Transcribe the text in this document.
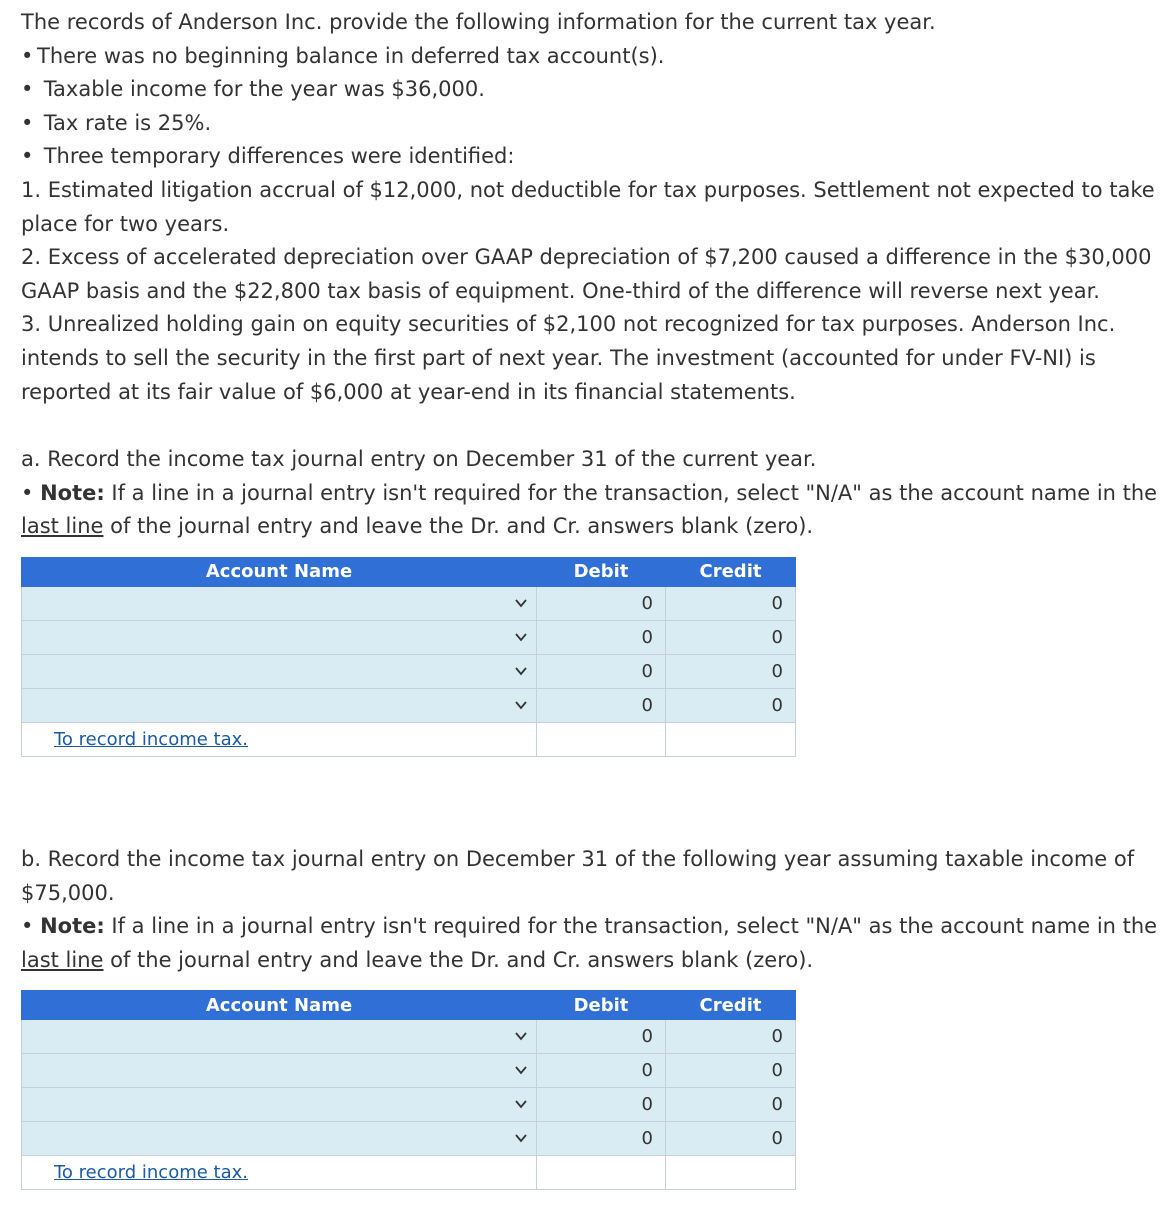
The records of Anderson Inc. provide the following information for the current tax year.

• There was no beginning balance in deferred tax account(s).

• Taxable income for the year was $36,000.

• Tax rate is 25%.

• Three temporary differences were identified:

1. Estimated litigation accrual of $12,000, not deductible for tax purposes. Settlement not expected to take

place for two years.

2. Excess of accelerated depreciation over GAAP depreciation of $7,200 caused a difference in the $30,000

GAAP basis and the $22,800 tax basis of equipment. One-third of the difference will reverse next year.

3. Unrealized holding gain on equity securities of $2,100 not recognized for tax purposes. Anderson Inc.

intends to sell the security in the first part of next year. The investment (accounted for under FV-NI) is

reported at its fair value of $6,000 at year-end in its financial statements.

a. Record the income tax journal entry on December 31 of the current year.

• Note: If a line in a journal entry isn't required for the transaction, select "N/A" as the account name in the

last line of the journal entry and leave the Dr. and Cr. answers blank (zero).

Account Name	Debit	Credit

	0	0

	0	0

	0	0

	0	0
To record income tax.		

b. Record the income tax journal entry on December 31 of the following year assuming taxable income of

$75,000.

• Note: If a line in a journal entry isn't required for the transaction, select "N/A" as the account name in the

last line of the journal entry and leave the Dr. and Cr. answers blank (zero).

Account Name	Debit	Credit

	0	0

	0	0

	0	0

	0	0
To record income tax.		
